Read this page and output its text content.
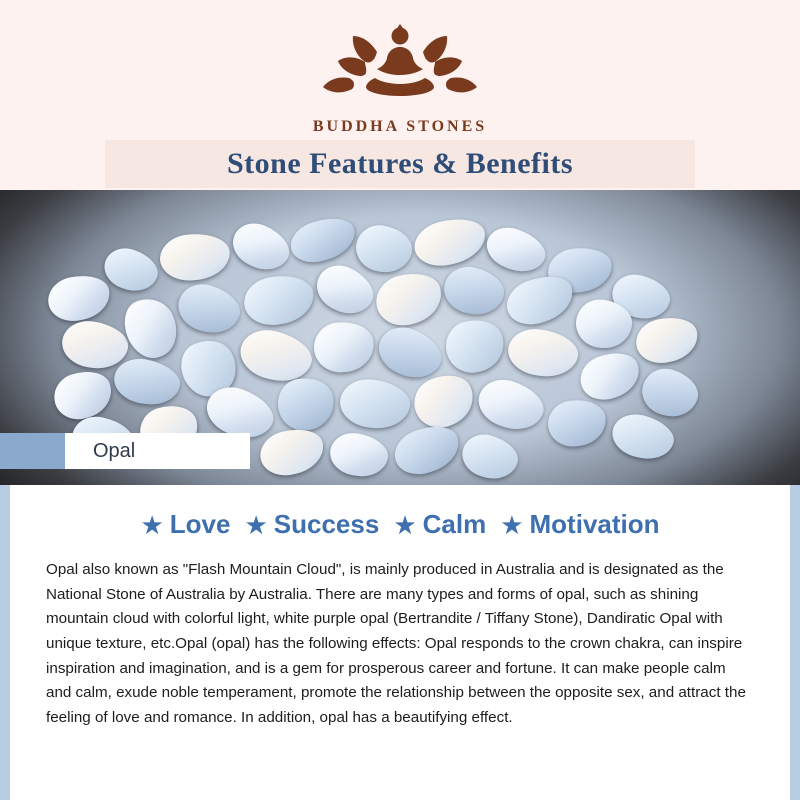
BUDDHA STONES
Stone Features & Benefits
Opal
★ Love ★ Success ★ Calm ★ Motivation

Opal also known as "Flash Mountain Cloud", is mainly produced in Australia and is designated as the National Stone of Australia by Australia. There are many types and forms of opal, such as shining mountain cloud with colorful light, white purple opal (Bertrandite / Tiffany Stone), Dandiratic Opal with unique texture, etc.Opal (opal) has the following effects: Opal responds to the crown chakra, can inspire inspiration and imagination, and is a gem for prosperous career and fortune. It can make people calm and calm, exude noble temperament, promote the relationship between the opposite sex, and attract the feeling of love and romance. In addition, opal has a beautifying effect.
